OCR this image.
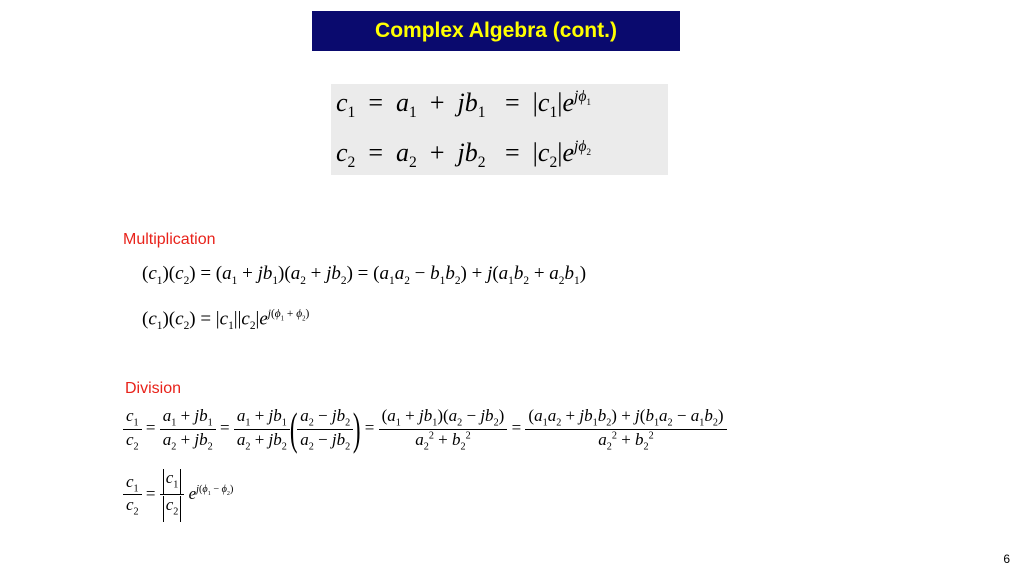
Complex Algebra (cont.)
$c_1 = a_1 + jb_1 = |c_1|e^{j\phi_1}$
$c_2 = a_2 + jb_2 = |c_2|e^{j\phi_2}$
Multiplication
$(c_1)(c_2) = (a_1 + jb_1)(a_2 + jb_2) = (a_1a_2 - b_1b_2) + j(a_1b_2 + a_2b_1)$
$(c_1)(c_2) = |c_1||c_2|e^{j(\phi_1 + \phi_2)}$
Division
$\frac{c_1}{c_2} = \frac{a_1 + jb_1}{a_2 + jb_2} = \frac{a_1 + jb_1}{a_2 + jb_2}$ ( $\frac{a_2 - jb_2}{a_2 - jb_2}$ ) = $\frac{(a_1 + jb_1)(a_2 - jb_2)}{a_2^2 + b_2^2} = \frac{(a_1a_2 + jb_1b_2) + j(b_1a_2 - a_1b_2)}{a_2^2 + b_2^2}$
$\frac{c_1}{c_2} = \frac{c_1}{c_2} e^{j(\phi_1 - \phi_2)}$
6
